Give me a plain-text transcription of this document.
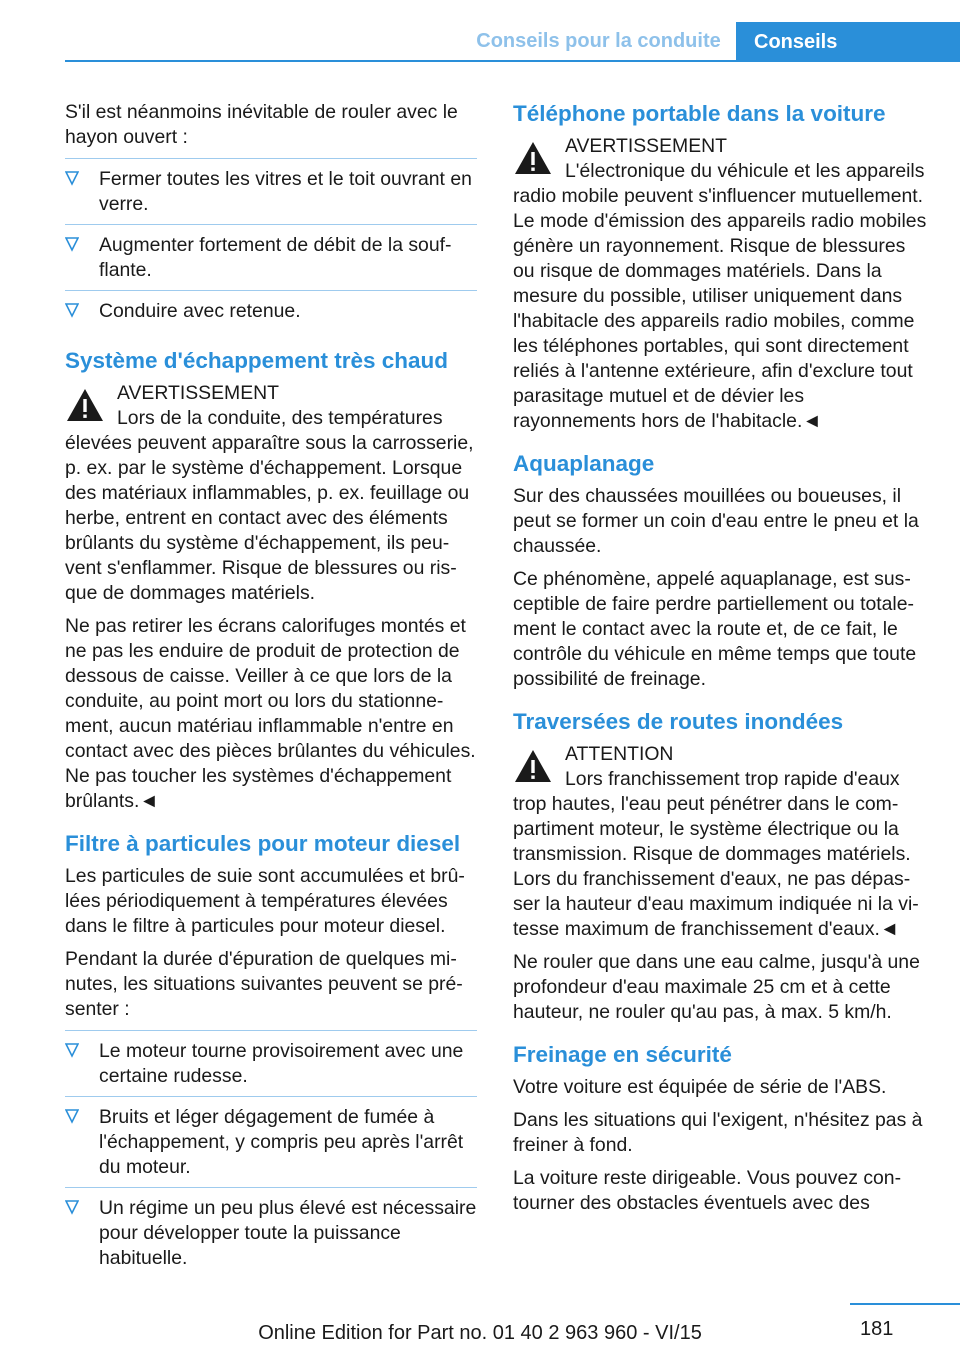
Conseils pour la conduite	Conseils

S'il est néanmoins inévitable de rouler avec le hayon ouvert :

Fermer toutes les vitres et le toit ouvrant en verre.
Augmenter fortement de débit de la soufflante.
Conduire avec retenue.
Système d'échappement très chaud
AVERTISSEMENT
Lors de la conduite, des températures élevées peuvent apparaître sous la carrosserie, p. ex. par le système d'échappement. Lorsque des matériaux inflammables, p. ex. feuillage ou herbe, entrent en contact avec des éléments brûlants du système d'échappement, ils peuvent s'enflammer. Risque de blessures ou risque de dommages matériels.

Ne pas retirer les écrans calorifuges montés et ne pas les enduire de produit de protection de dessous de caisse. Veiller à ce que lors de la conduite, au point mort ou lors du stationnement, aucun matériau inflammable n'entre en contact avec des pièces brûlantes du véhicules. Ne pas toucher les systèmes d'échappement brûlants.◄

Filtre à particules pour moteur diesel

Les particules de suie sont accumulées et brûlées périodiquement à températures élevées dans le filtre à particules pour moteur diesel.

Pendant la durée d'épuration de quelques minutes, les situations suivantes peuvent se présenter :

Le moteur tourne provisoirement avec une certaine rudesse.
Bruits et léger dégagement de fumée à l'échappement, y compris peu après l'arrêt du moteur.
Un régime un peu plus élevé est nécessaire pour développer toute la puissance habituelle.
Téléphone portable dans la voiture
AVERTISSEMENT
L'électronique du véhicule et les appareils radio mobile peuvent s'influencer mutuellement. Le mode d'émission des appareils radio mobiles génère un rayonnement. Risque de blessures ou risque de dommages matériels. Dans la mesure du possible, utiliser uniquement dans l'habitacle des appareils radio mobiles, comme les téléphones portables, qui sont directement reliés à l'antenne extérieure, afin d'exclure tout parasitage mutuel et de dévier les rayonnements hors de l'habitacle.◄
Aquaplanage

Sur des chaussées mouillées ou boueuses, il peut se former un coin d'eau entre le pneu et la chaussée.

Ce phénomène, appelé aquaplanage, est susceptible de faire perdre partiellement ou totalement le contact avec la route et, de ce fait, le contrôle du véhicule en même temps que toute possibilité de freinage.

Traversées de routes inondées
ATTENTION
Lors franchissement trop rapide d'eaux trop hautes, l'eau peut pénétrer dans le compartiment moteur, le système électrique ou la transmission. Risque de dommages matériels. Lors du franchissement d'eaux, ne pas dépasser la hauteur d'eau maximum indiquée ni la vitesse maximum de franchissement d'eaux.◄

Ne rouler que dans une eau calme, jusqu'à une profondeur d'eau maximale 25 cm et à cette hauteur, ne rouler qu'au pas, à max. 5 km/h.

Freinage en sécurité

Votre voiture est équipée de série de l'ABS.

Dans les situations qui l'exigent, n'hésitez pas à freiner à fond.

La voiture reste dirigeable. Vous pouvez contourner des obstacles éventuels avec des

181
Online Edition for Part no. 01 40 2 963 960 - VI/15
